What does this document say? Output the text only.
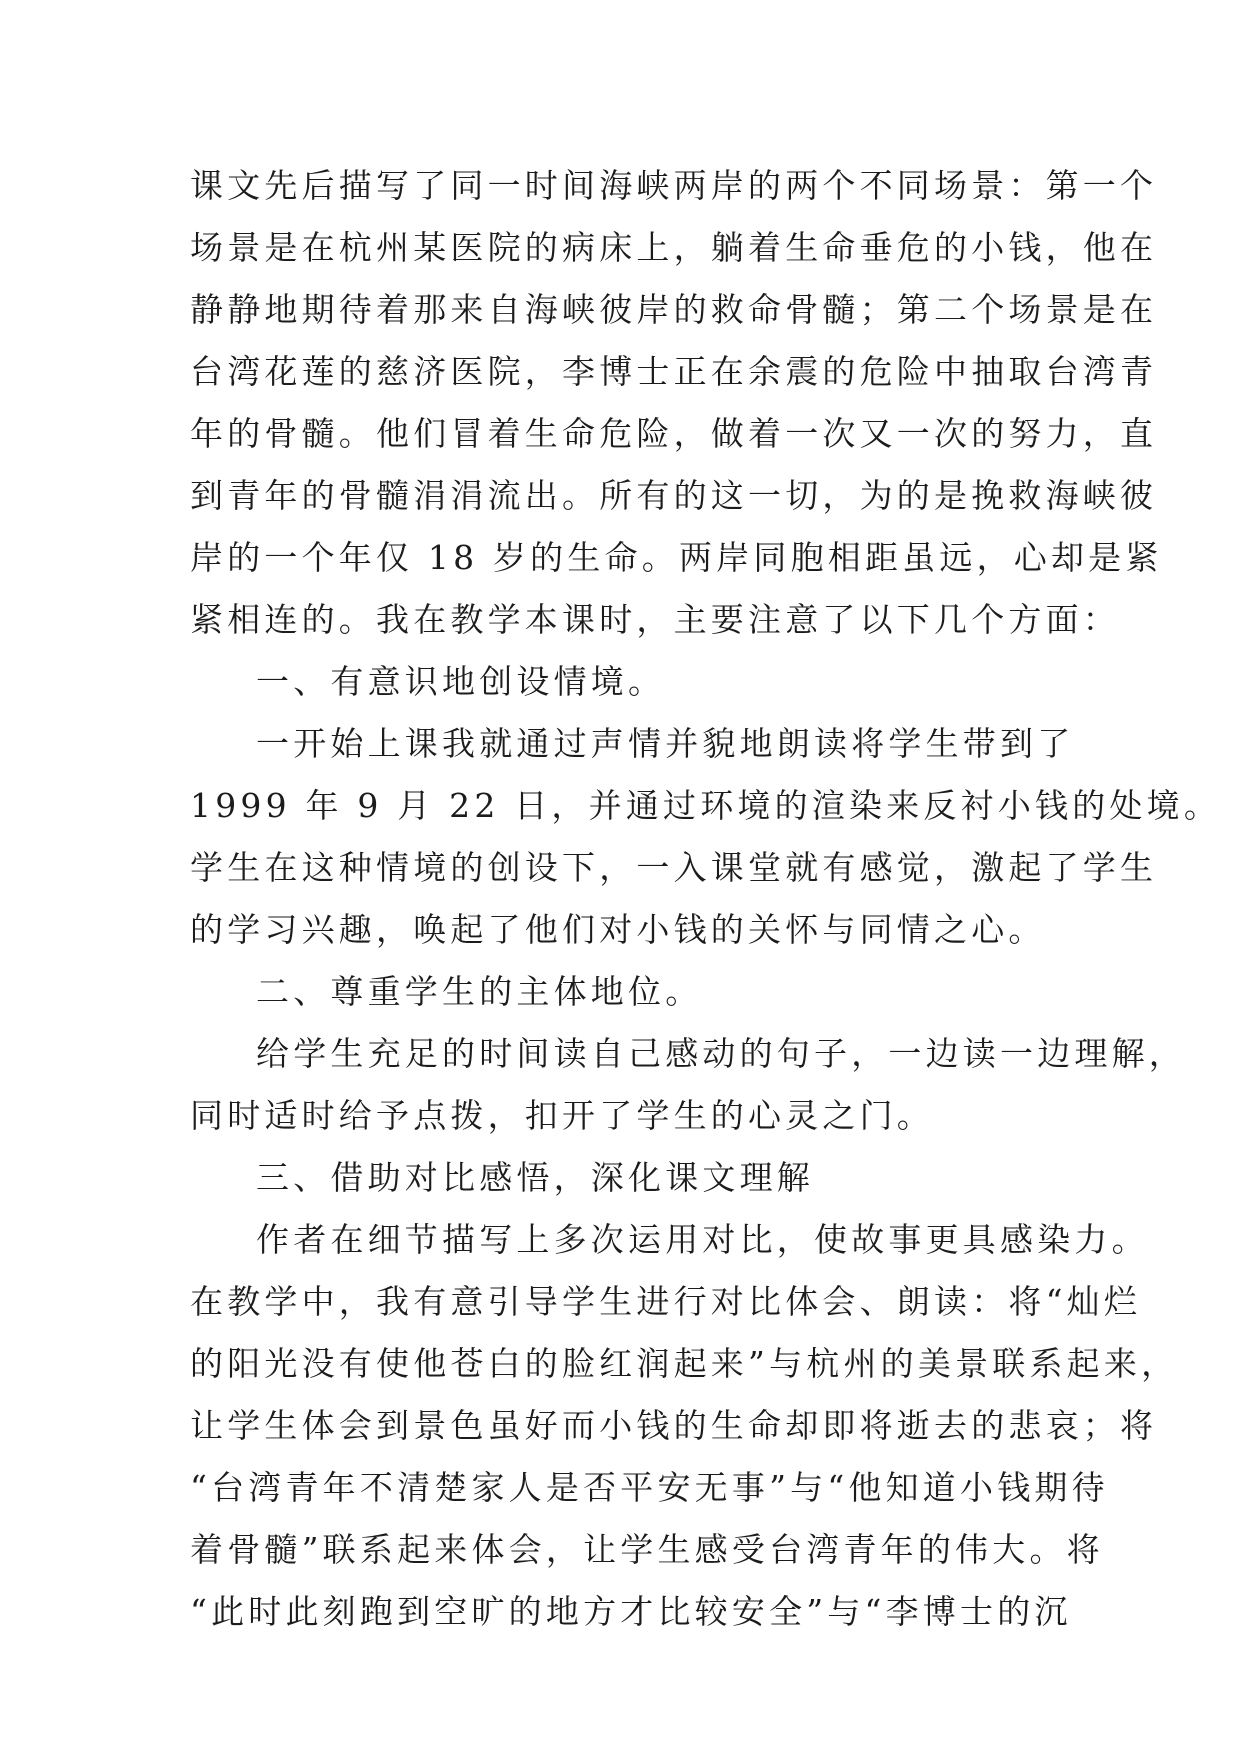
课文先后描写了同一时间海峡两岸的两个不同场景：第一个
场景是在杭州某医院的病床上，躺着生命垂危的小钱，他在
静静地期待着那来自海峡彼岸的救命骨髓；第二个场景是在
台湾花莲的慈济医院，李博士正在余震的危险中抽取台湾青
年的骨髓。他们冒着生命危险，做着一次又一次的努力，直
到青年的骨髓涓涓流出。所有的这一切，为的是挽救海峡彼
岸的一个年仅 18 岁的生命。两岸同胞相距虽远，心却是紧
紧相连的。我在教学本课时，主要注意了以下几个方面：
一、有意识地创设情境。
一开始上课我就通过声情并貌地朗读将学生带到了
1999 年 9 月 22 日，并通过环境的渲染来反衬小钱的处境。
学生在这种情境的创设下，一入课堂就有感觉，激起了学生
的学习兴趣，唤起了他们对小钱的关怀与同情之心。
二、尊重学生的主体地位。
给学生充足的时间读自己感动的句子，一边读一边理解，
同时适时给予点拨，扣开了学生的心灵之门。
三、借助对比感悟，深化课文理解
作者在细节描写上多次运用对比，使故事更具感染力。
在教学中，我有意引导学生进行对比体会、朗读：将“灿烂
的阳光没有使他苍白的脸红润起来”与杭州的美景联系起来，
让学生体会到景色虽好而小钱的生命却即将逝去的悲哀；将
“台湾青年不清楚家人是否平安无事”与“他知道小钱期待
着骨髓”联系起来体会，让学生感受台湾青年的伟大。将
“此时此刻跑到空旷的地方才比较安全”与“李博士的沉
